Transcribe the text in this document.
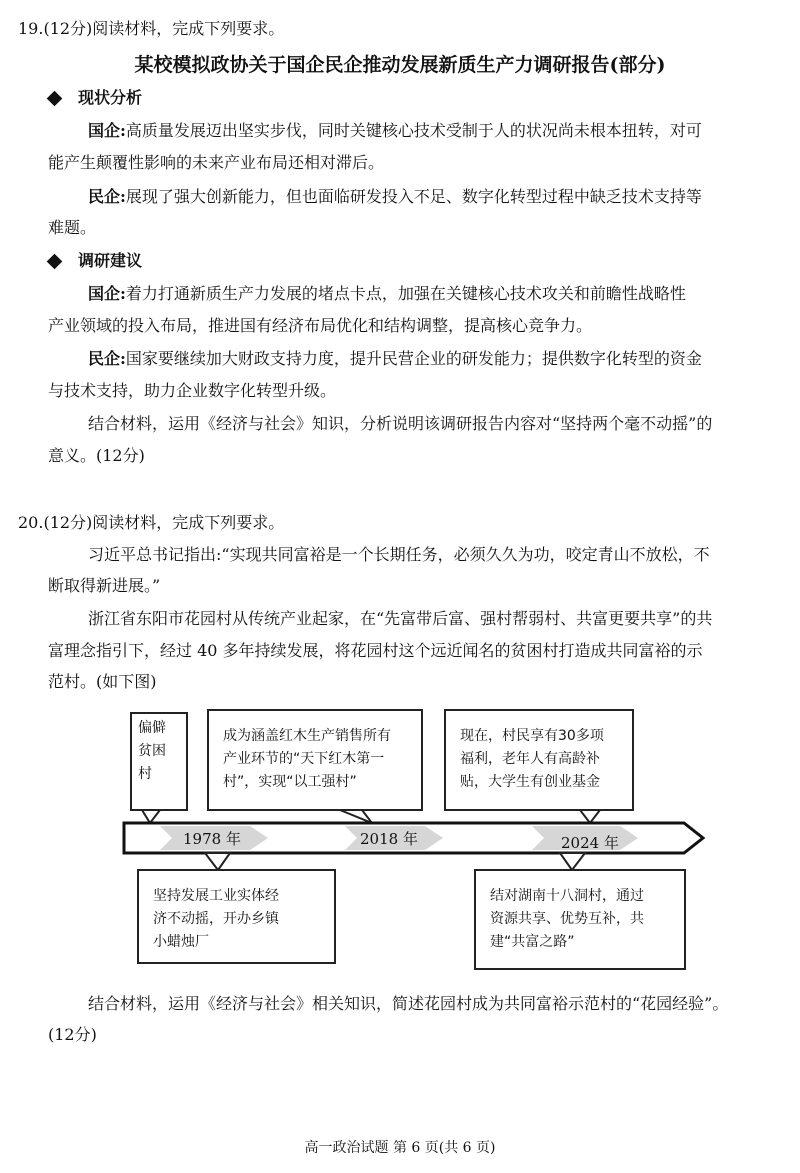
19.(12分)阅读材料，完成下列要求。
某校模拟政协关于国企民企推动发展新质生产力调研报告(部分)
现状分析
国企:高质量发展迈出坚实步伐，同时关键核心技术受制于人的状况尚未根本扭转，对可
能产生颠覆性影响的未来产业布局还相对滞后。
民企:展现了强大创新能力，但也面临研发投入不足、数字化转型过程中缺乏技术支持等
难题。
调研建议
国企:着力打通新质生产力发展的堵点卡点，加强在关键核心技术攻关和前瞻性战略性
产业领域的投入布局，推进国有经济布局优化和结构调整，提高核心竞争力。
民企:国家要继续加大财政支持力度，提升民营企业的研发能力；提供数字化转型的资金
与技术支持，助力企业数字化转型升级。
结合材料，运用《经济与社会》知识，分析说明该调研报告内容对“坚持两个毫不动摇”的
意义。(12分)
20.(12分)阅读材料，完成下列要求。
习近平总书记指出:“实现共同富裕是一个长期任务，必须久久为功，咬定青山不放松，不
断取得新进展。”
浙江省东阳市花园村从传统产业起家，在“先富带后富、强村帮弱村、共富更要共享”的共
富理念指引下，经过 40 多年持续发展，将花园村这个远近闻名的贫困村打造成共同富裕的示
范村。(如下图)
1978 年	2018 年	2024 年
偏僻
贫困
村
成为涵盖红木生产销售所有
产业环节的“天下红木第一
村”，实现“以工强村”
现在，村民享有30多项
福利，老年人有高龄补
贴，大学生有创业基金
坚持发展工业实体经
济不动摇，开办乡镇
小蜡烛厂
结对湖南十八洞村，通过
资源共享、优势互补，共
建“共富之路”
结合材料，运用《经济与社会》相关知识，简述花园村成为共同富裕示范村的“花园经验”。
(12分)
高一政治试题 第 6 页(共 6 页)
